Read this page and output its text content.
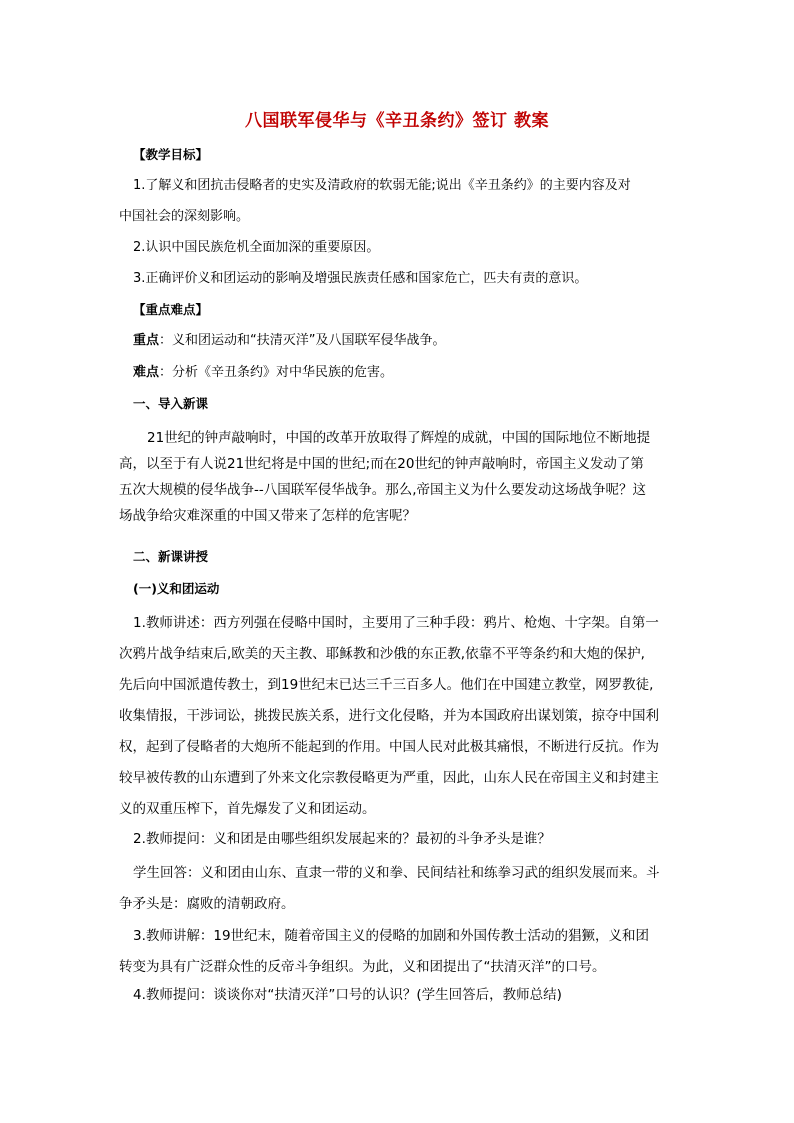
八国联军侵华与《辛丑条约》签订 教案
【教学目标】
1.了解义和团抗击侵略者的史实及清政府的软弱无能;说出《辛丑条约》的主要内容及对
中国社会的深刻影响。
2.认识中国民族危机全面加深的重要原因。
3.正确评价义和团运动的影响及增强民族责任感和国家危亡，匹夫有责的意识。
【重点难点】
重点：义和团运动和“扶清灭洋”及八国联军侵华战争。
难点：分析《辛丑条约》对中华民族的危害。
一、导入新课
21世纪的钟声敲响时，中国的改革开放取得了辉煌的成就，中国的国际地位不断地提
高，以至于有人说21世纪将是中国的世纪;而在20世纪的钟声敲响时，帝国主义发动了第
五次大规模的侵华战争--八国联军侵华战争。那么,帝国主义为什么要发动这场战争呢？这
场战争给灾难深重的中国又带来了怎样的危害呢？
二、新课讲授
(一)义和团运动
1.教师讲述：西方列强在侵略中国时，主要用了三种手段：鸦片、枪炮、十字架。自第一
次鸦片战争结束后,欧美的天主教、耶稣教和沙俄的东正教,依靠不平等条约和大炮的保护,
先后向中国派遣传教士，到19世纪末已达三千三百多人。他们在中国建立教堂，网罗教徒,
收集情报，干涉词讼，挑拨民族关系，进行文化侵略，并为本国政府出谋划策，掠夺中国利
权，起到了侵略者的大炮所不能起到的作用。中国人民对此极其痛恨，不断进行反抗。作为
较早被传教的山东遭到了外来文化宗教侵略更为严重，因此，山东人民在帝国主义和封建主
义的双重压榨下，首先爆发了义和团运动。
2.教师提问：义和团是由哪些组织发展起来的？最初的斗争矛头是谁？
学生回答：义和团由山东、直隶一带的义和拳、民间结社和练拳习武的组织发展而来。斗
争矛头是：腐败的清朝政府。
3.教师讲解：19世纪末，随着帝国主义的侵略的加剧和外国传教士活动的猖獗，义和团
转变为具有广泛群众性的反帝斗争组织。为此，义和团提出了“扶清灭洋”的口号。
4.教师提问：谈谈你对“扶清灭洋”口号的认识？(学生回答后，教师总结)
